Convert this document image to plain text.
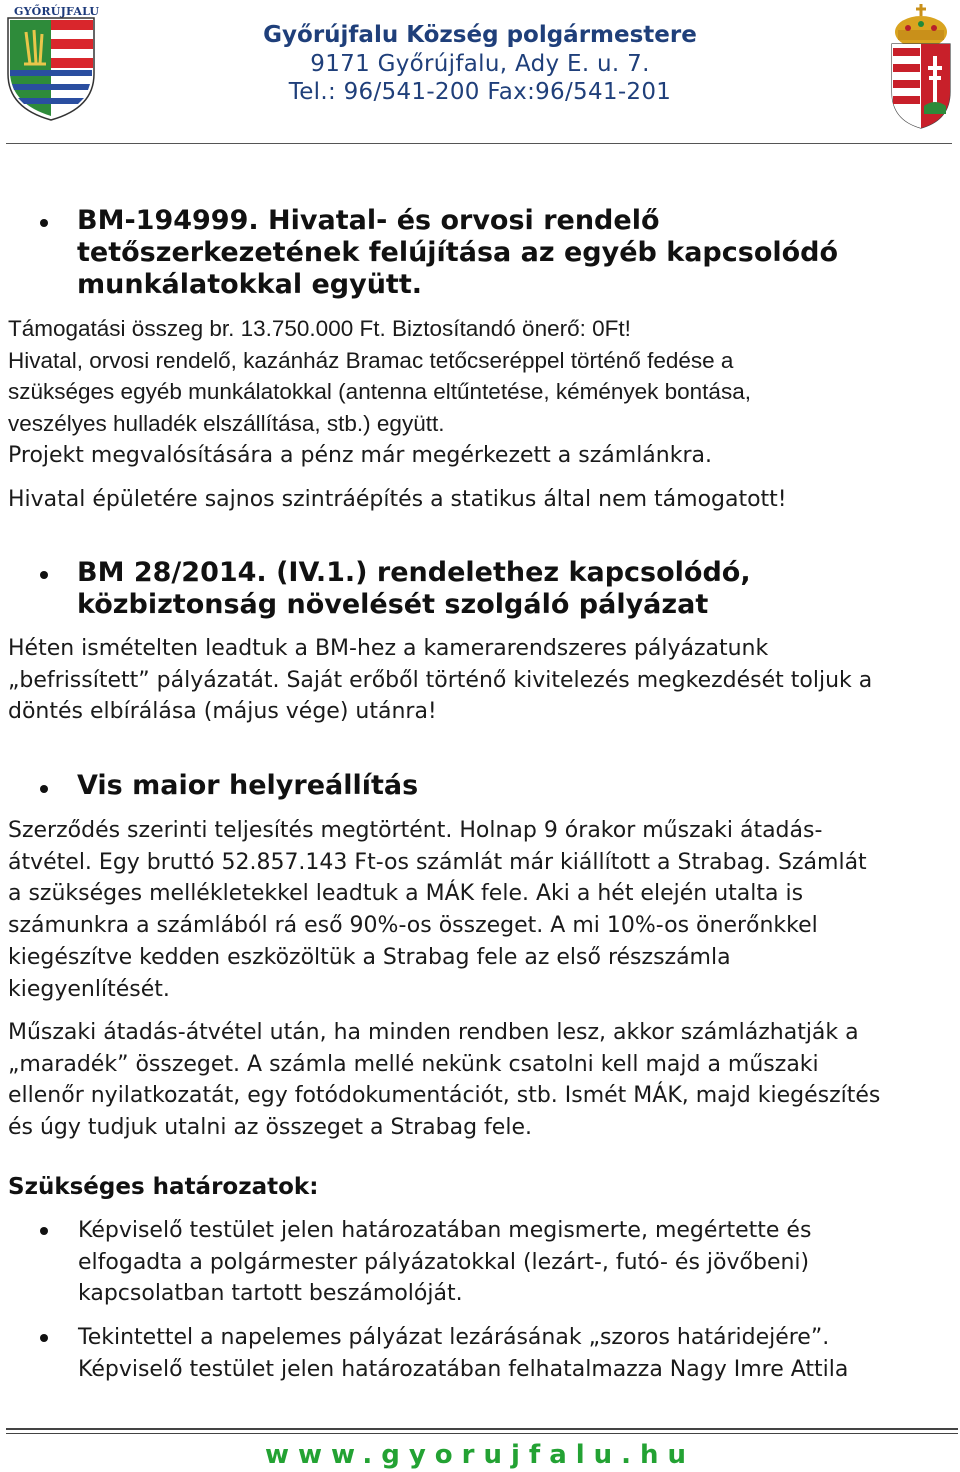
GYŐRÚJFALU
Győrújfalu Község polgármestere
9171 Győrújfalu, Ady E. u. 7.
Tel.: 96/541-200 Fax:96/541-201
BM-194999. Hivatal- és orvosi rendelő
tetőszerkezetének felújítása az egyéb kapcsolódó
munkálatokkal együtt.
Támogatási összeg br. 13.750.000 Ft. Biztosítandó önerő: 0Ft!
Hivatal, orvosi rendelő, kazánház Bramac tetőcseréppel történő fedése a
szükséges egyéb munkálatokkal (antenna eltűntetése, kémények bontása,
veszélyes hulladék elszállítása, stb.) együtt.
Projekt megvalósítására a pénz már megérkezett a számlánkra.
Hivatal épületére sajnos szintráépítés a statikus által nem támogatott!
BM 28/2014. (IV.1.) rendelethez kapcsolódó,
közbiztonság növelését szolgáló pályázat
Héten ismételten leadtuk a BM-hez a kamerarendszeres pályázatunk
„befrissített” pályázatát. Saját erőből történő kivitelezés megkezdését toljuk a
döntés elbírálása (május vége) utánra!
Vis maior helyreállítás
Szerződés szerinti teljesítés megtörtént. Holnap 9 órakor műszaki átadás-
átvétel. Egy bruttó 52.857.143 Ft-os számlát már kiállított a Strabag. Számlát
a szükséges mellékletekkel leadtuk a MÁK fele. Aki a hét elején utalta is
számunkra a számlából rá eső 90%-os összeget. A mi 10%-os önerőnkkel
kiegészítve kedden eszközöltük a Strabag fele az első részszámla
kiegyenlítését.
Műszaki átadás-átvétel után, ha minden rendben lesz, akkor számlázhatják a
„maradék” összeget. A számla mellé nekünk csatolni kell majd a műszaki
ellenőr nyilatkozatát, egy fotódokumentációt, stb. Ismét MÁK, majd kiegészítés
és úgy tudjuk utalni az összeget a Strabag fele.
Szükséges határozatok:
Képviselő testület jelen határozatában megismerte, megértette és
elfogadta a polgármester pályázatokkal (lezárt-, futó- és jövőbeni)
kapcsolatban tartott beszámolóját.
Tekintettel a napelemes pályázat lezárásának „szoros határidejére”.
Képviselő testület jelen határozatában felhatalmazza Nagy Imre Attila
www.gyorujfalu.hu
